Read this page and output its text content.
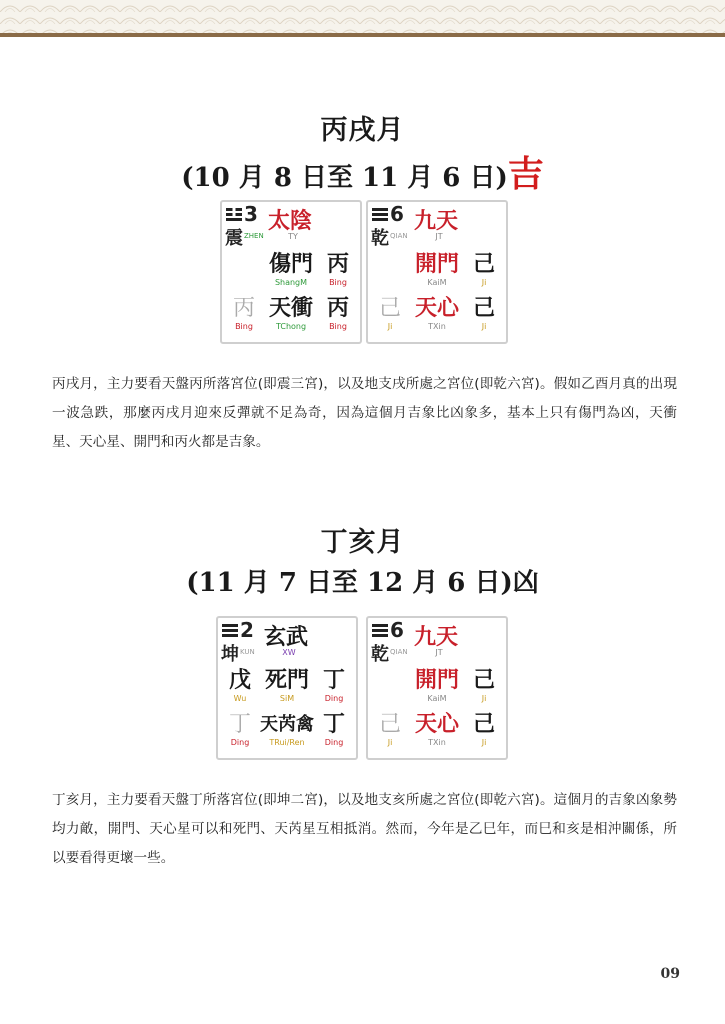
丙戌月
(10 月 8 日至 11 月 6 日)吉
3
震 ZHEN
太陰
TY
傷門
ShangM
丙
Bing
丙
Bing
天衝
TChong
丙
Bing
6
乾 QIAN
九天
JT
開門
KaiM
己
Ji
己
Ji
天心
TXin
己
Ji
丙戌月，主力要看天盤丙所落宮位(即震三宮)，以及地支戌所處之宮位(即乾六宮)。假如乙酉月真的出現一波急跌，那麼丙戌月迎來反彈就不足為奇，因為這個月吉象比凶象多，基本上只有傷門為凶，天衝星、天心星、開門和丙火都是吉象。
丁亥月
(11 月 7 日至 12 月 6 日)凶
2
坤 KUN
玄武
XW
戊
Wu
死門
SiM
丁
Ding
丁
Ding
天芮禽
TRui/Ren
丁
Ding
6
乾 QIAN
九天
JT
開門
KaiM
己
Ji
己
Ji
天心
TXin
己
Ji
丁亥月，主力要看天盤丁所落宮位(即坤二宮)，以及地支亥所處之宮位(即乾六宮)。這個月的吉象凶象勢均力敵，開門、天心星可以和死門、天芮星互相抵消。然而，今年是乙巳年，而巳和亥是相沖關係，所以要看得更壞一些。
09
